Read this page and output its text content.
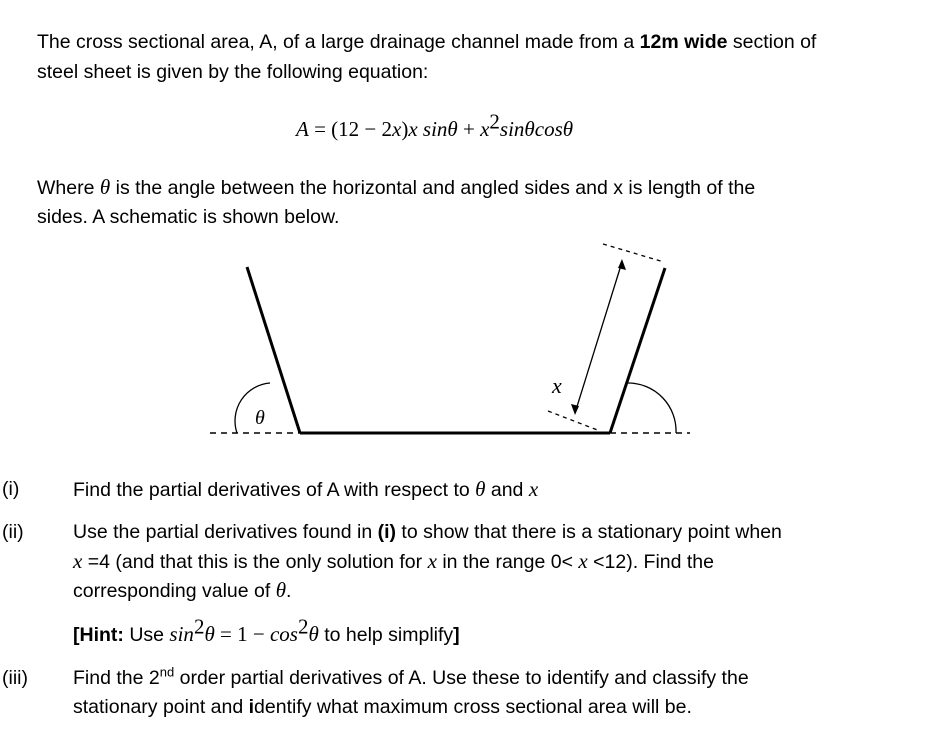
The cross sectional area, A, of a large drainage channel made from a 12m wide section of
steel sheet is given by the following equation:
A = (12 − 2x)x $\sin\theta + x^2\sin\theta\cos\theta$
Where θ is the angle between the horizontal and angled sides and x is length of the
sides. A schematic is shown below.
θ
x
(i)	Find the partial derivatives of A with respect to θ and x
(ii)	Use the partial derivatives found in (i) to show that there is a stationary point when
x =4 (and that this is the only solution for x in the range 0< x <12). Find the
corresponding value of θ.
[Hint: Use $\sin^2\theta = 1 - \cos^2\theta$ to help simplify]
(iii) Find the 2nd order partial derivatives of A. Use these to identify and classify the
stationary point and identify what maximum cross sectional area will be.
